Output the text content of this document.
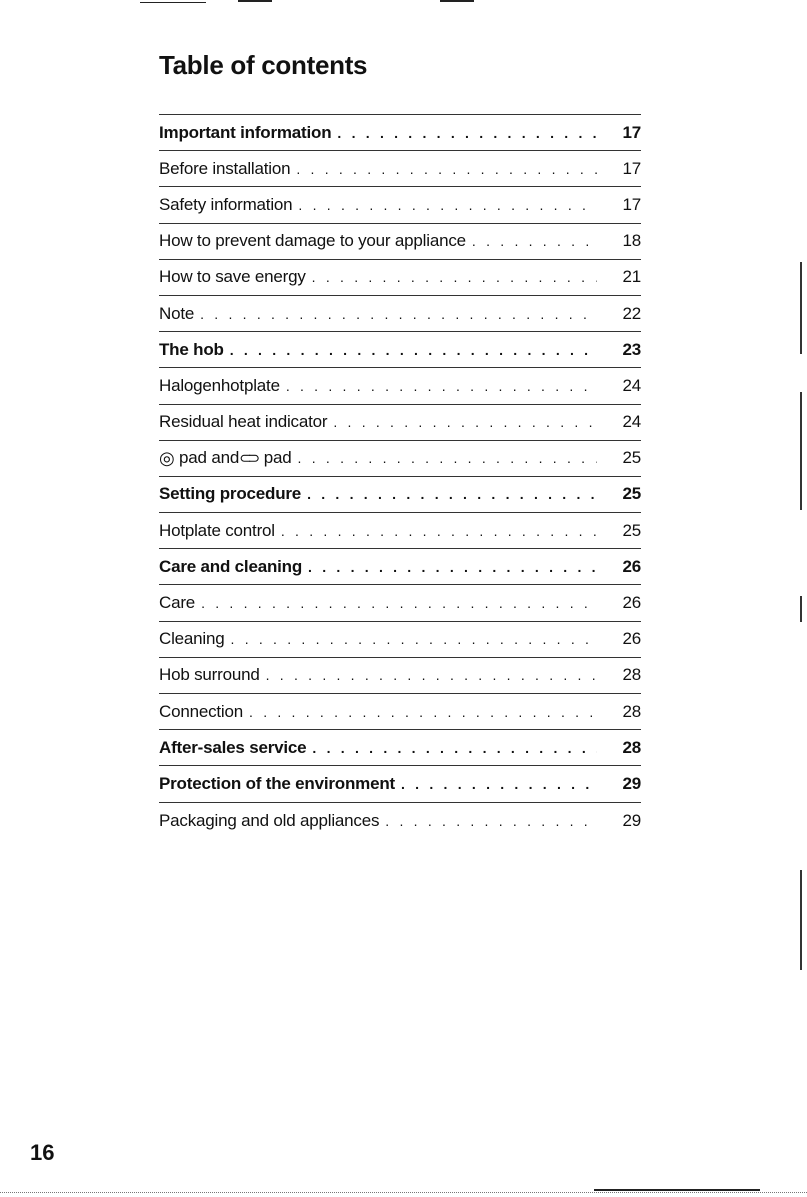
Table of contents
Important information . . .	17
Before installation . . .	17
Safety information . . .	17
How to prevent damage to your appliance . . .	18
How to save energy . . .	21
Note . . .	22
The hob . . .	23
Halogenhotplate . . .	24
Residual heat indicator . . .	24
◎ pad and ⊂⊃ pad . . .	25
Setting procedure . . .	25
Hotplate control . . .	25
Care and cleaning . . .	26
Care . . .	26
Cleaning . . .	26
Hob surround . . .	28
Connection . . .	28
After-sales service . . .	28
Protection of the environment . . .	29
Packaging and old appliances . . .	29
16
